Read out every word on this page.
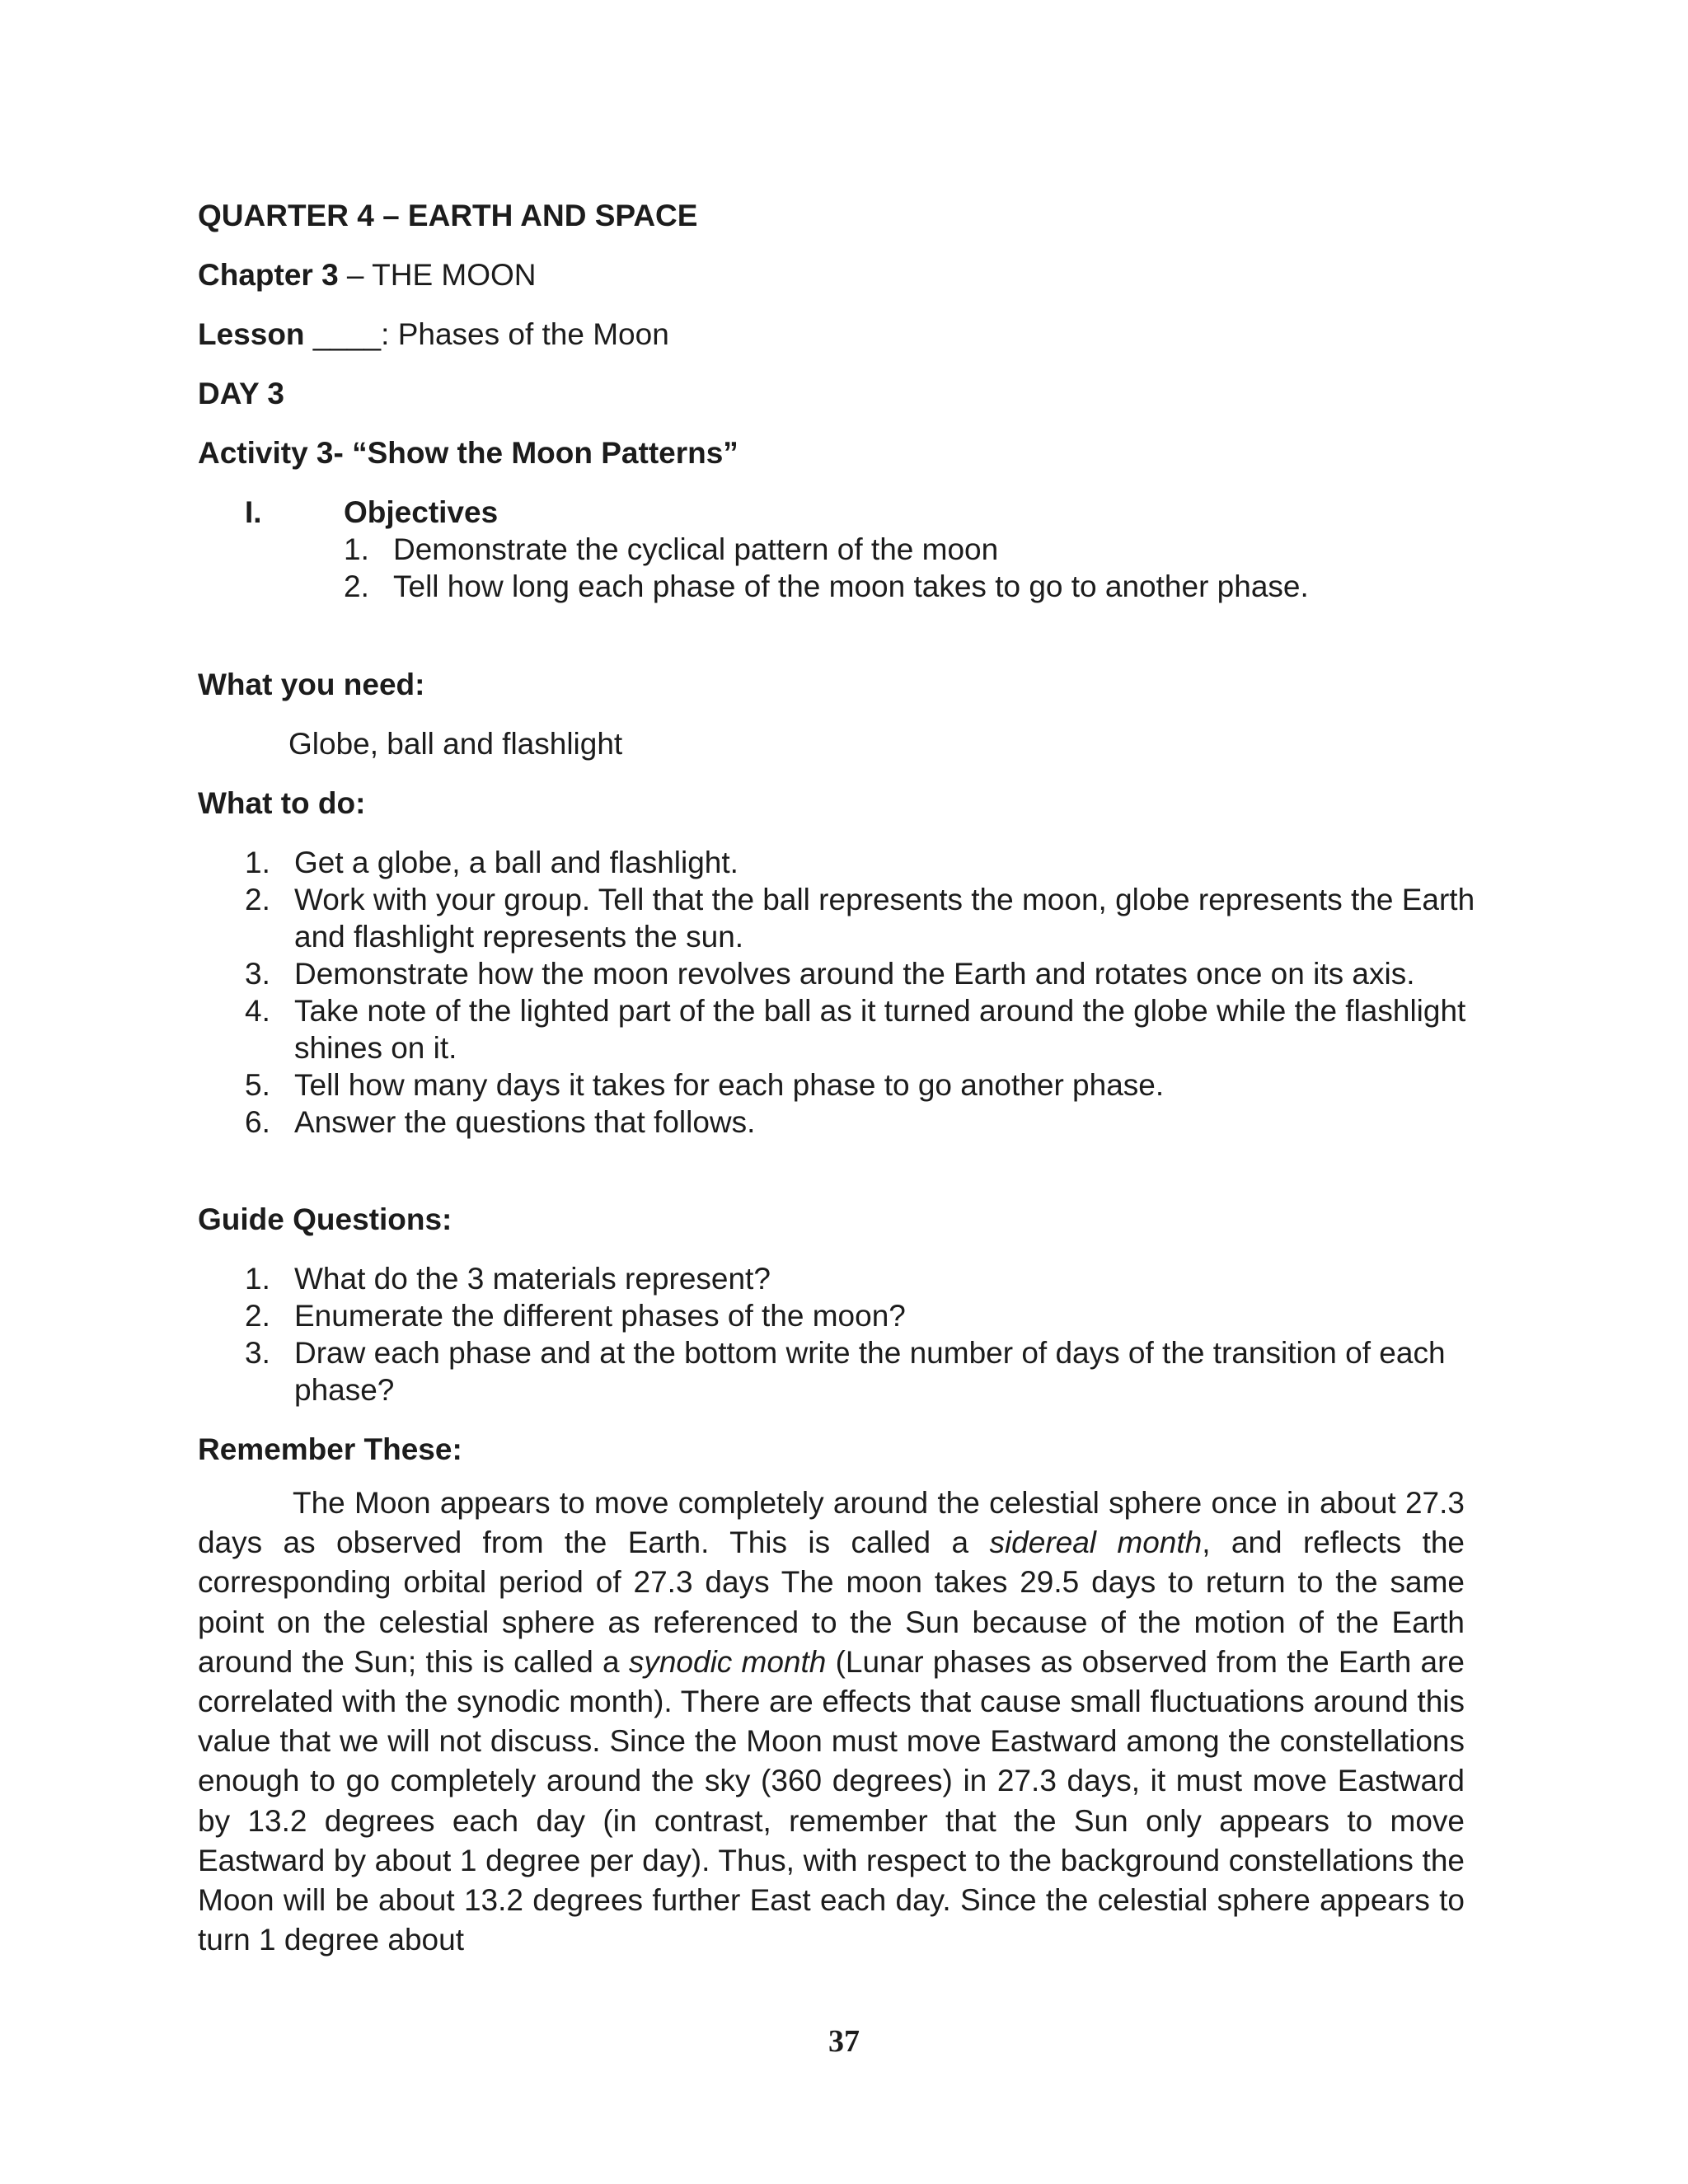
QUARTER 4 – EARTH AND SPACE
Chapter 3 – THE MOON
Lesson ____: Phases of the Moon
DAY 3
Activity 3- “Show the Moon Patterns”
I.	Objectives
1. Demonstrate the cyclical pattern of the moon
2. Tell how long each phase of the moon takes to go to another phase.
What you need:
Globe, ball and flashlight
What to do:
1. Get a globe, a ball and flashlight.
2. Work with your group. Tell that the ball represents the moon, globe represents the Earth
and flashlight represents the sun.
3. Demonstrate how the moon revolves around the Earth and rotates once on its axis.
4. Take note of the lighted part of the ball as it turned around the globe while the flashlight
shines on it.
5. Tell how many days it takes for each phase to go another phase.
6. Answer the questions that follows.
Guide Questions:
1. What do the 3 materials represent?
2. Enumerate the different phases of the moon?
3. Draw each phase and at the bottom write the number of days of the transition of each
phase?
Remember These:
The Moon appears to move completely around the celestial sphere once in about 27.3 days as observed from the Earth. This is called a sidereal month, and reflects the corresponding orbital period of 27.3 days The moon takes 29.5 days to return to the same point on the celestial sphere as referenced to the Sun because of the motion of the Earth around the Sun; this is called a synodic month (Lunar phases as observed from the Earth are correlated with the synodic month). There are effects that cause small fluctuations around this value that we will not discuss. Since the Moon must move Eastward among the constellations enough to go completely around the sky (360 degrees) in 27.3 days, it must move Eastward by 13.2 degrees each day (in contrast, remember that the Sun only appears to move Eastward by about 1 degree per day). Thus, with respect to the background constellations the Moon will be about 13.2 degrees further East each day. Since the celestial sphere appears to turn 1 degree about
37
